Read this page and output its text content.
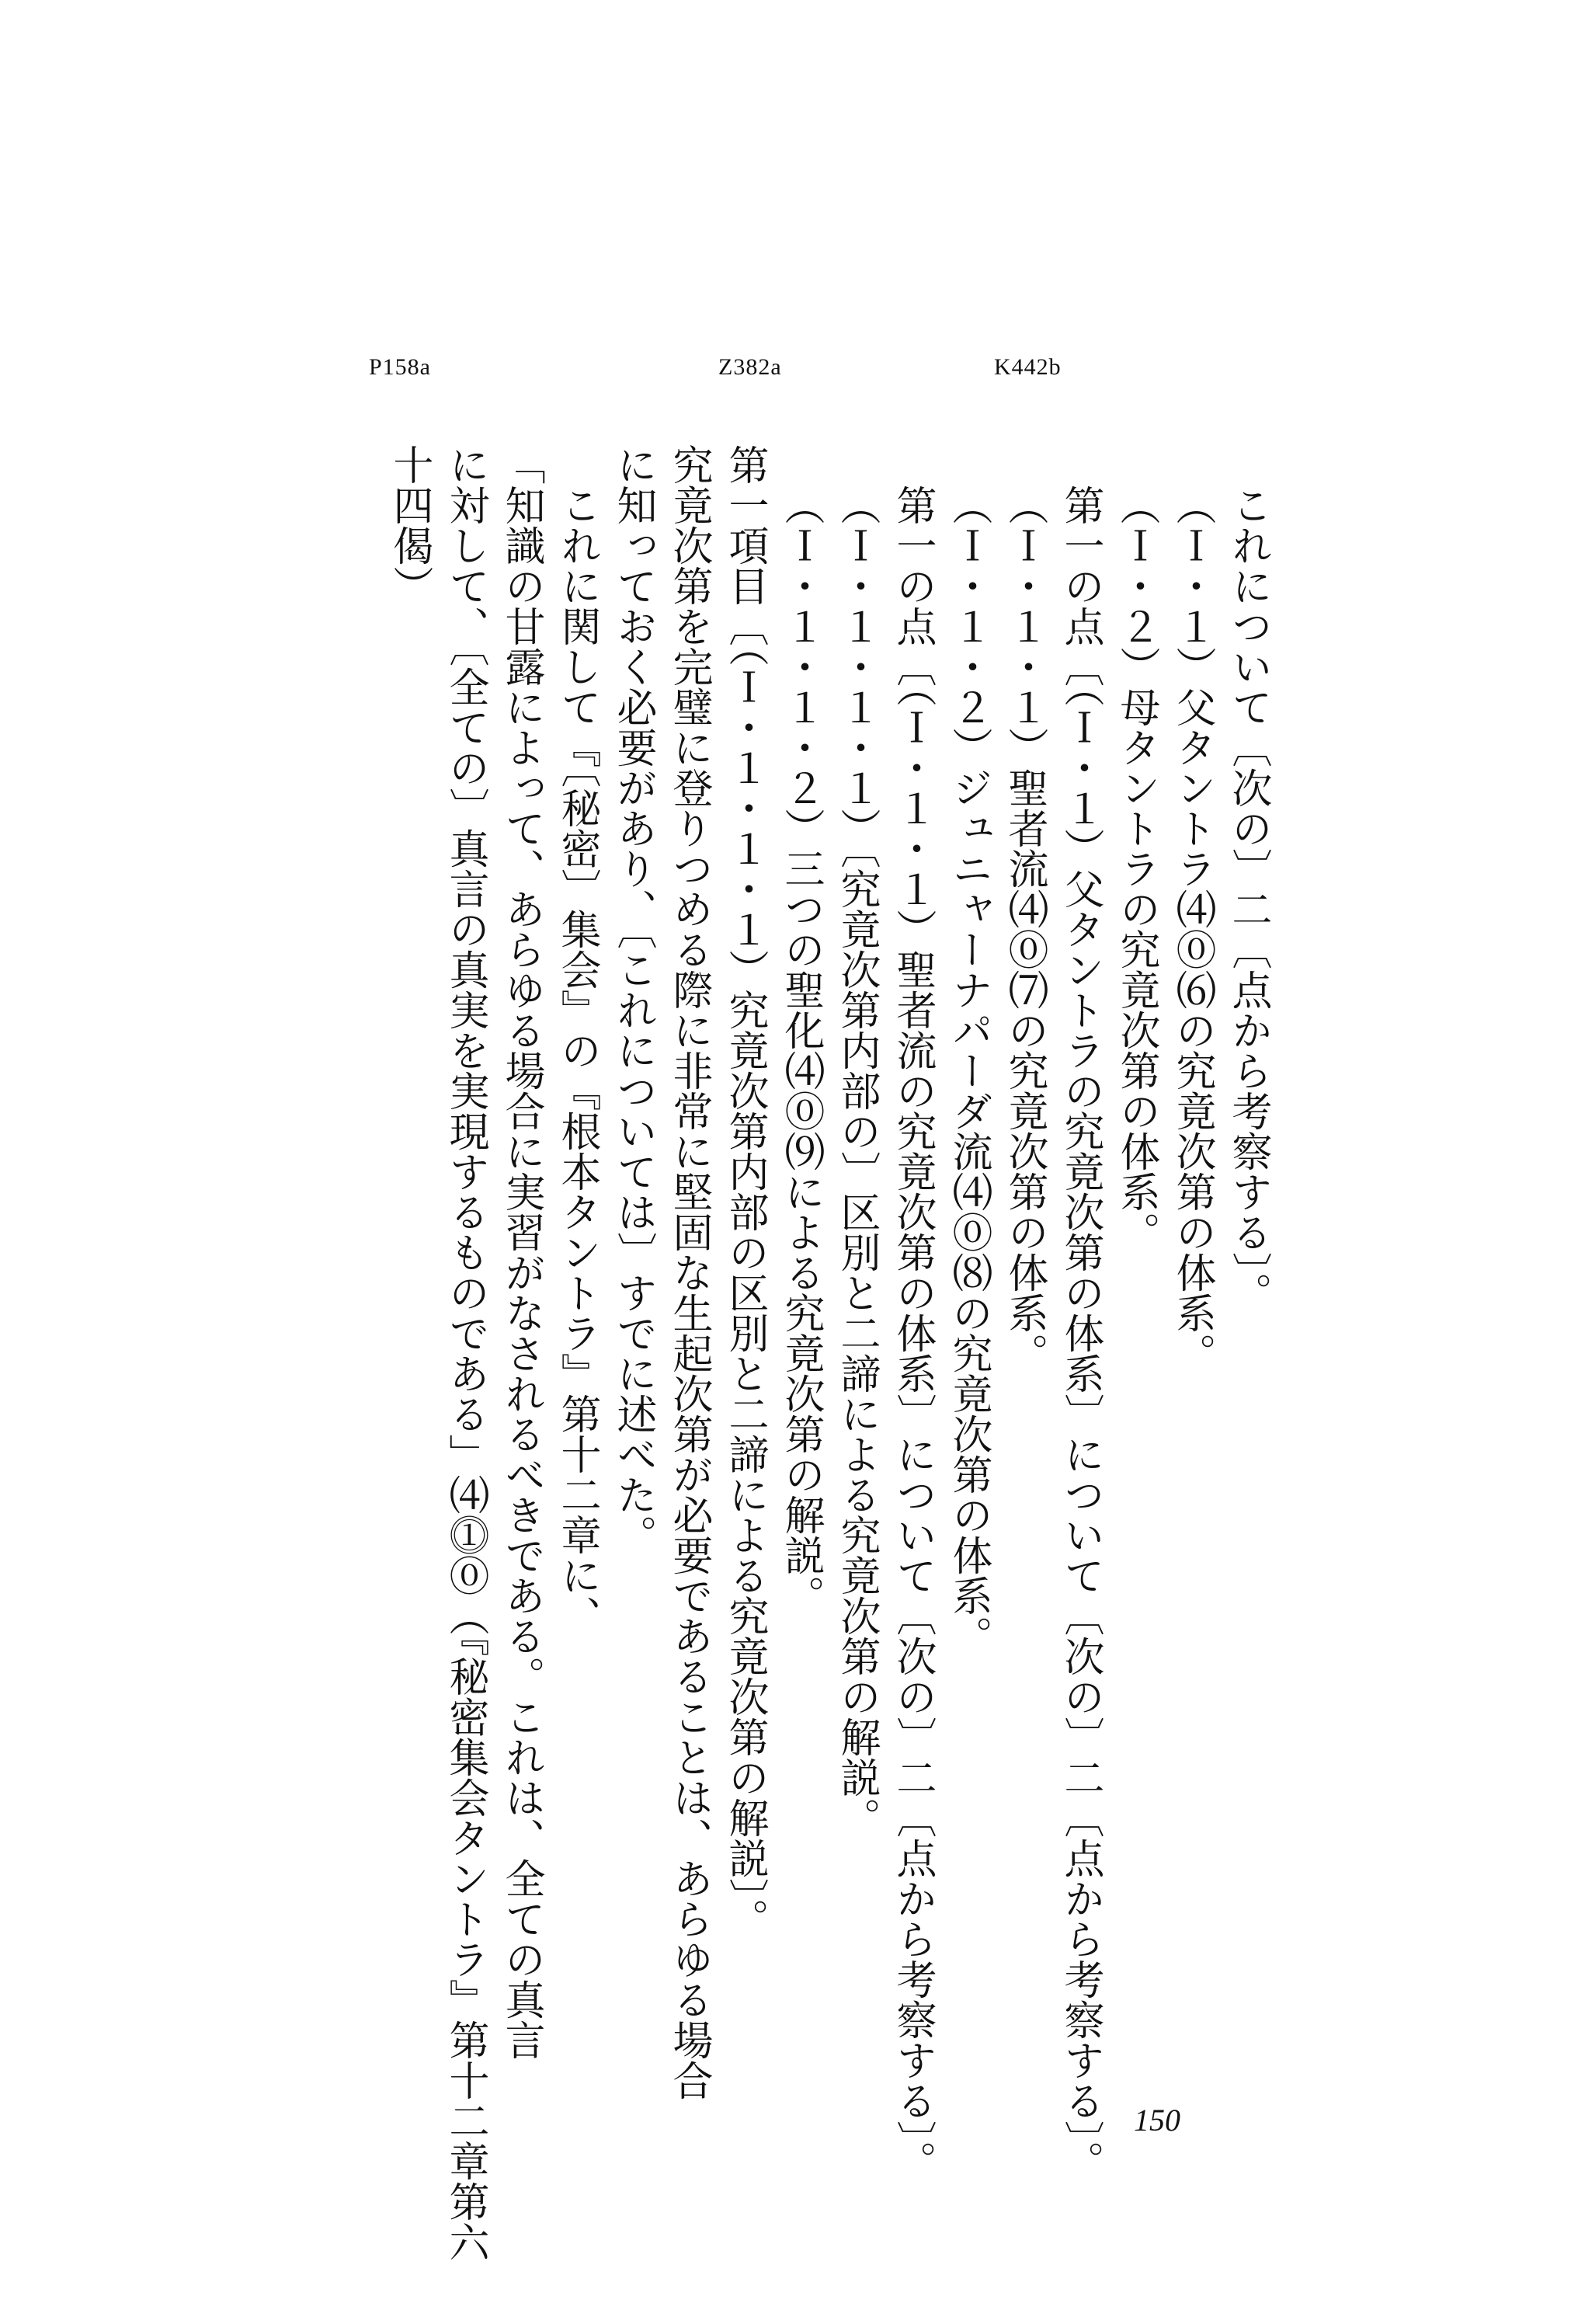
P158a	Z382a	K442b
これについて〔次の〕二〔点から考察する〕。
（Ｉ・１）父タントラ⑷⓪⑹の究竟次第の体系。
（Ｉ・２）母タントラの究竟次第の体系。
第一の点〔（Ｉ・１）父タントラの究竟次第の体系〕について〔次の〕二〔点から考察する〕。
（Ｉ・１・１）聖者流⑷⓪⑺の究竟次第の体系。
（Ｉ・１・２）ジュニャーナパーダ流⑷⓪⑻の究竟次第の体系。
第一の点〔（Ｉ・１・１）聖者流の究竟次第の体系〕について〔次の〕二〔点から考察する〕。
（Ｉ・１・１・１）〔究竟次第内部の〕区別と二諦による究竟次第の解説。
（Ｉ・１・１・２）三つの聖化⑷⓪⑼による究竟次第の解説。
第一項目〔（Ｉ・１・１・１）究竟次第内部の区別と二諦による究竟次第の解説〕。
究竟次第を完璧に登りつめる際に非常に堅固な生起次第が必要であることは、あらゆる場合
に知っておく必要があり、〔これについては〕すでに述べた。
これに関して『〔秘密〕集会』の『根本タントラ』第十二章に、
「知識の甘露によって、あらゆる場合に実習がなされるべきである。これは、全ての真言
に対して、〔全ての〕真言の真実を実現するものである」⑷⓵⓪（『秘密集会タントラ』第十二章第六
十四偈）
150
